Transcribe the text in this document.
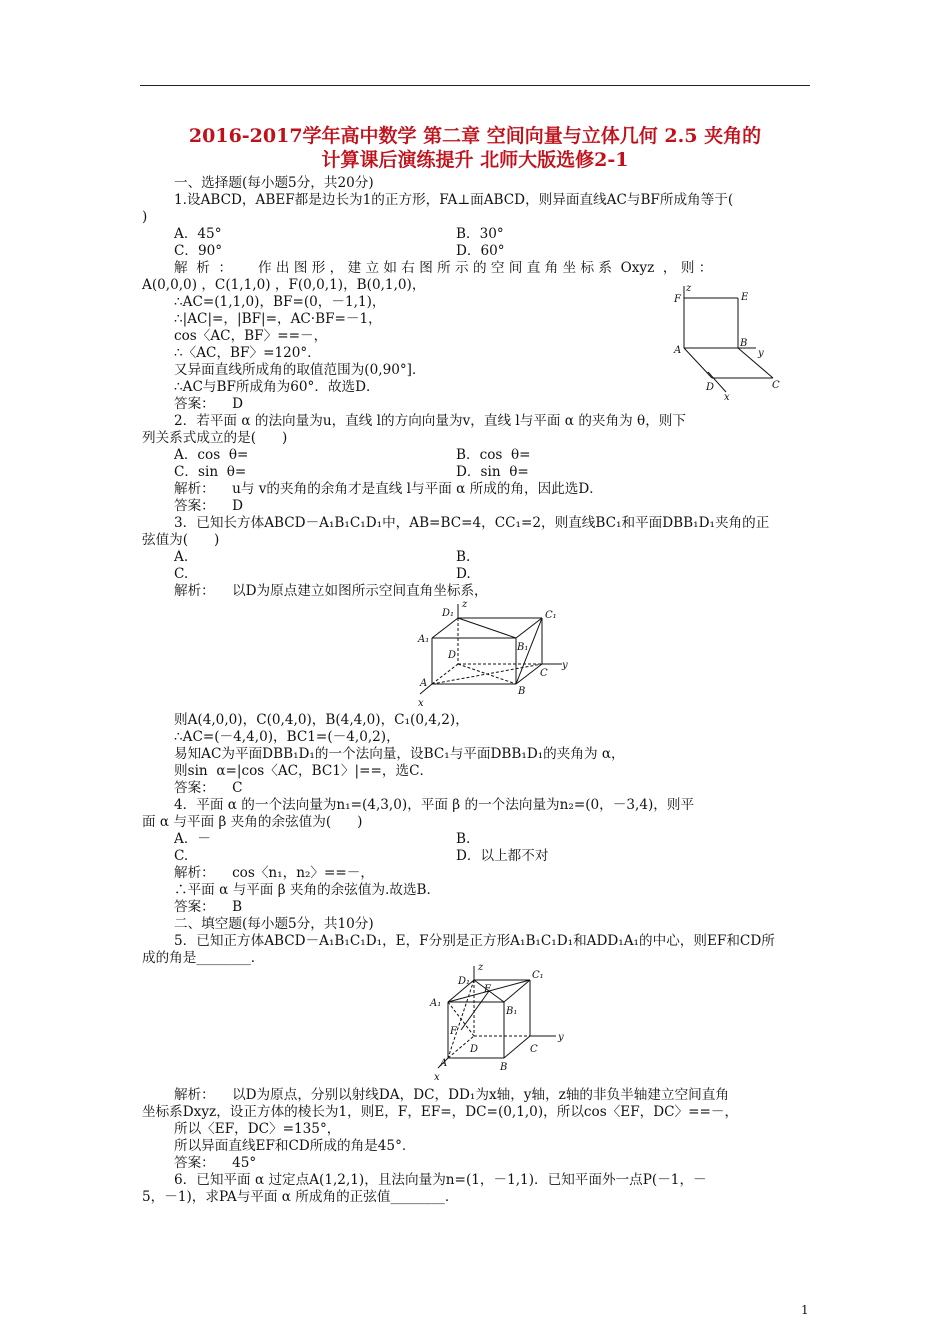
2016-2017学年高中数学 第二章 空间向量与立体几何 2.5 夹角的
计算课后演练提升 北师大版选修2-1
一、选择题(每小题5分，共20分)
1.设ABCD，ABEF都是边长为1的正方形，FA⊥面ABCD，则异面直线AC与BF所成角等于(
)
A．45°	B．30°
C．90°	D．60°
解  析  ：      作 出 图 形 ， 建 立 如 右 图 所 示 的 空 间 直 角 坐 标 系  Oxyz  ， 则 ：
A(0,0,0) ，C(1,1,0) ，F(0,0,1)，B(0,1,0)，
∴AC=(1,1,0)，BF=(0，－1,1)，
∴|AC|=，|BF|=，AC·BF=－1，
cos〈AC，BF〉==－，
∴〈AC，BF〉=120°．
又异面直线所成角的取值范围为(0,90°]．
∴AC与BF所成角为60°．故选D．
答案：    D
z
F	E
A
B
y
D	C
x
2．若平面 α 的法向量为u，直线 l的方向向量为v，直线 l与平面 α 的夹角为 θ，则下
列关系式成立的是(      )
A．cos  θ=	B．cos  θ=
C．sin  θ=	D．sin  θ=
解析：    u与 v的夹角的余角才是直线 l与平面 α 所成的角，因此选D．
答案：    D
3．已知长方体ABCD－A₁B₁C₁D₁中，AB=BC=4，CC₁=2，则直线BC₁和平面DBB₁D₁夹角的正
弦值为(      )
A.	B.
C.	D.
解析：    以D为原点建立如图所示空间直角坐标系，
z
D₁	C₁
A₁
B₁
D
C
y
A
B
x
则A(4,0,0)，C(0,4,0)，B(4,4,0)，C₁(0,4,2)，
∴AC=(－4,4,0)，BC1=(－4,0,2)，
易知AC为平面DBB₁D₁的一个法向量，设BC₁与平面DBB₁D₁的夹角为 α，
则sin  α=|cos〈AC，BC1〉|==，选C．
答案：    C
4．平面 α 的一个法向量为n₁=(4,3,0)，平面 β 的一个法向量为n₂=(0，－3,4)，则平
面 α 与平面 β 夹角的余弦值为(      )
A．－	B.
C.	D．以上都不对
解析：    cos〈n₁，n₂〉==－，
∴平面 α 与平面 β 夹角的余弦值为.故选B．
答案：    B
二、填空题(每小题5分，共10分)
5．已知正方体ABCD－A₁B₁C₁D₁，E，F分别是正方形A₁B₁C₁D₁和ADD₁A₁的中心，则EF和CD所
成的角是________．
z
D₁
E
C₁
A₁
B₁
F
D	C
y
A	B
x
解析：    以D为原点，分别以射线DA，DC，DD₁为x轴，y轴，z轴的非负半轴建立空间直角
坐标系Dxyz，设正方体的棱长为1，则E，F，EF=，DC=(0,1,0)，所以cos〈EF，DC〉==－，
所以〈EF，DC〉=135°，
所以异面直线EF和CD所成的角是45°．
答案：    45°
6．已知平面 α 过定点A(1,2,1)，且法向量为n=(1，－1,1)．已知平面外一点P(－1，－
5，－1)，求PA与平面 α 所成角的正弦值________．
1
